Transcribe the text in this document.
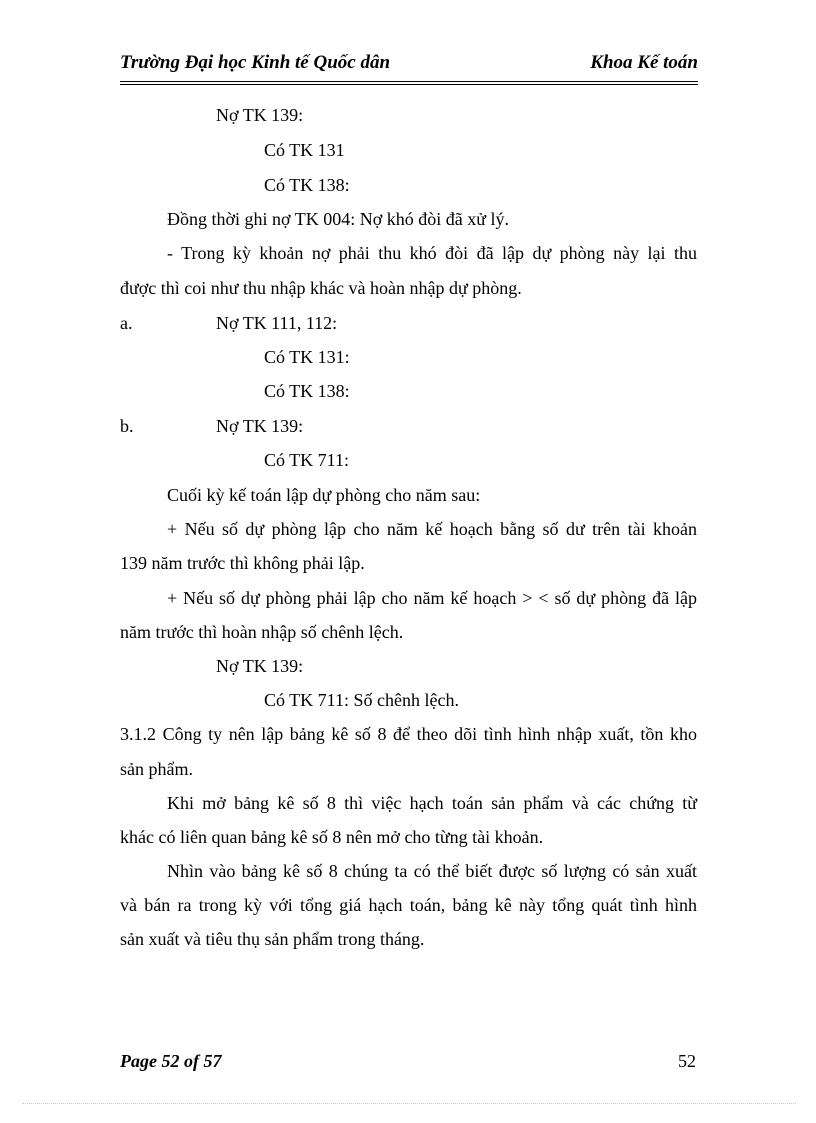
Trường Đại học Kinh tế Quốc dân	Khoa Kế toán
Nợ TK 139:
Có TK 131
Có TK 138:
Đồng thời ghi nợ TK 004: Nợ khó đòi đã xử lý.
- Trong kỳ khoản nợ phải thu khó đòi đã lập dự phòng này lại thu
được thì coi như thu nhập khác và hoàn nhập dự phòng.
a.	Nợ TK 111, 112:
Có TK 131:
Có TK 138:
b.	Nợ TK 139:
Có TK 711:
Cuối kỳ kế toán lập dự phòng cho năm sau:
+ Nếu số dự phòng lập cho năm kế hoạch bằng số dư trên tài khoản
139 năm trước thì không phải lập.
+ Nếu số dự phòng phải lập cho năm kế hoạch > < số dự phòng đã lập
năm trước thì hoàn nhập số chênh lệch.
Nợ TK 139:
Có TK 711: Số chênh lệch.
3.1.2 Công ty nên lập bảng kê số 8 để theo dõi tình hình nhập xuất, tồn kho
sản phẩm.
Khi mở bảng kê số 8 thì việc hạch toán sản phẩm và các chứng từ
khác có liên quan bảng kê số 8 nên mở cho từng tài khoản.
Nhìn vào bảng kê số 8 chúng ta có thể biết được số lượng có sản xuất
và bán ra trong kỳ với tổng giá hạch toán, bảng kê này tổng quát tình hình
sản xuất và tiêu thụ sản phẩm trong tháng.
Page 52 of 57	52
